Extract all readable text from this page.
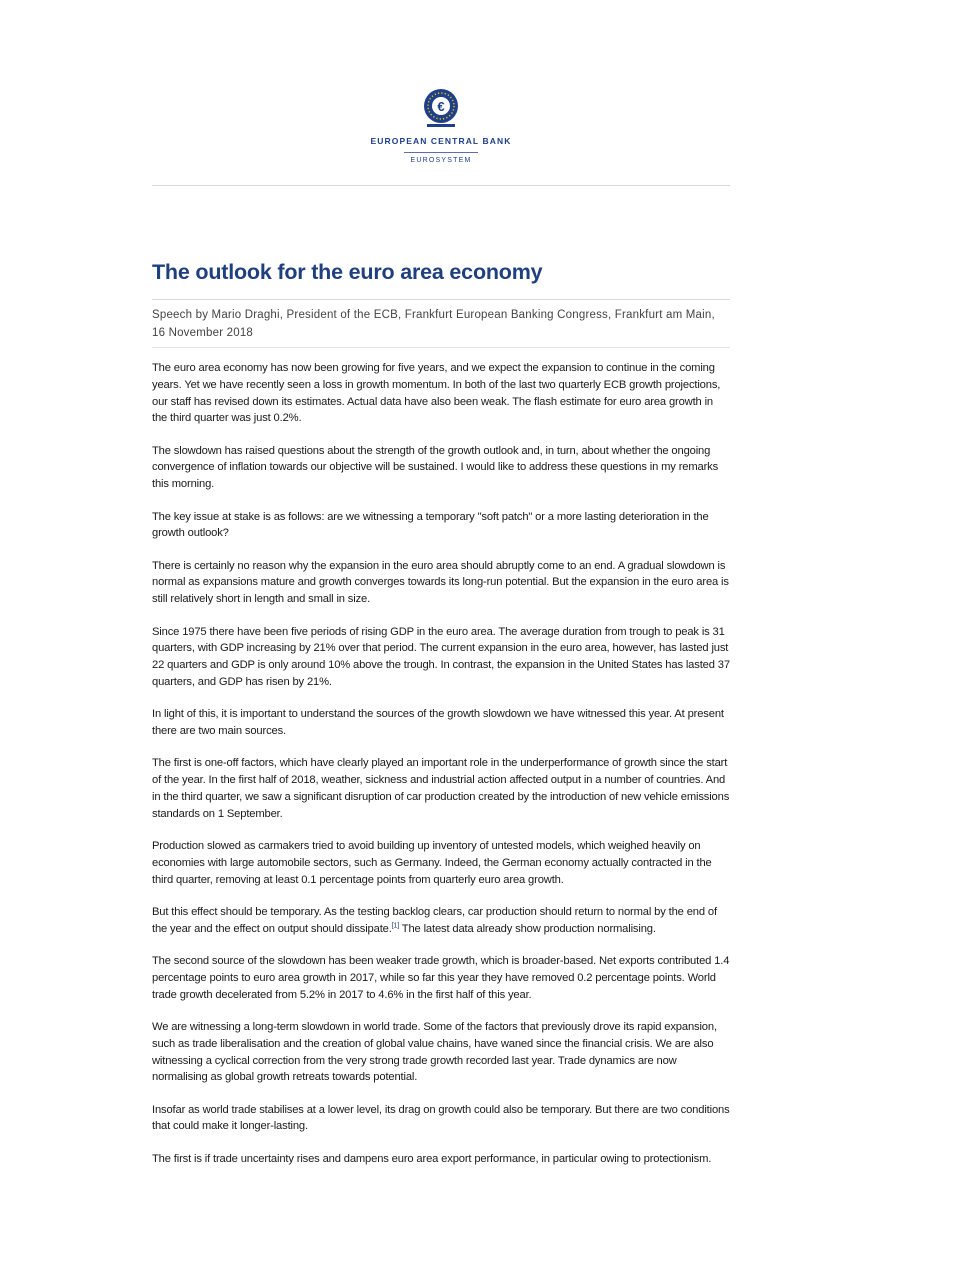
€
EUROPEAN CENTRAL BANK
EUROSYSTEM
The outlook for the euro area economy

Speech by Mario Draghi, President of the ECB, Frankfurt European Banking Congress, Frankfurt am Main, 16 November 2018

The euro area economy has now been growing for five years, and we expect the expansion to continue in the coming years. Yet we have recently seen a loss in growth momentum. In both of the last two quarterly ECB growth projections, our staff has revised down its estimates. Actual data have also been weak. The flash estimate for euro area growth in the third quarter was just 0.2%.

The slowdown has raised questions about the strength of the growth outlook and, in turn, about whether the ongoing convergence of inflation towards our objective will be sustained. I would like to address these questions in my remarks this morning.

The key issue at stake is as follows: are we witnessing a temporary "soft patch" or a more lasting deterioration in the growth outlook?

There is certainly no reason why the expansion in the euro area should abruptly come to an end. A gradual slowdown is normal as expansions mature and growth converges towards its long-run potential. But the expansion in the euro area is still relatively short in length and small in size.

Since 1975 there have been five periods of rising GDP in the euro area. The average duration from trough to peak is 31 quarters, with GDP increasing by 21% over that period. The current expansion in the euro area, however, has lasted just 22 quarters and GDP is only around 10% above the trough. In contrast, the expansion in the United States has lasted 37 quarters, and GDP has risen by 21%.

In light of this, it is important to understand the sources of the growth slowdown we have witnessed this year. At present there are two main sources.

The first is one-off factors, which have clearly played an important role in the underperformance of growth since the start of the year. In the first half of 2018, weather, sickness and industrial action affected output in a number of countries. And in the third quarter, we saw a significant disruption of car production created by the introduction of new vehicle emissions standards on 1 September.

Production slowed as carmakers tried to avoid building up inventory of untested models, which weighed heavily on economies with large automobile sectors, such as Germany. Indeed, the German economy actually contracted in the third quarter, removing at least 0.1 percentage points from quarterly euro area growth.

But this effect should be temporary. As the testing backlog clears, car production should return to normal by the end of the year and the effect on output should dissipate.[1] The latest data already show production normalising.

The second source of the slowdown has been weaker trade growth, which is broader-based. Net exports contributed 1.4 percentage points to euro area growth in 2017, while so far this year they have removed 0.2 percentage points. World trade growth decelerated from 5.2% in 2017 to 4.6% in the first half of this year.

We are witnessing a long-term slowdown in world trade. Some of the factors that previously drove its rapid expansion, such as trade liberalisation and the creation of global value chains, have waned since the financial crisis. We are also witnessing a cyclical correction from the very strong trade growth recorded last year. Trade dynamics are now normalising as global growth retreats towards potential.

Insofar as world trade stabilises at a lower level, its drag on growth could also be temporary. But there are two conditions that could make it longer-lasting.

The first is if trade uncertainty rises and dampens euro area export performance, in particular owing to protectionism.
